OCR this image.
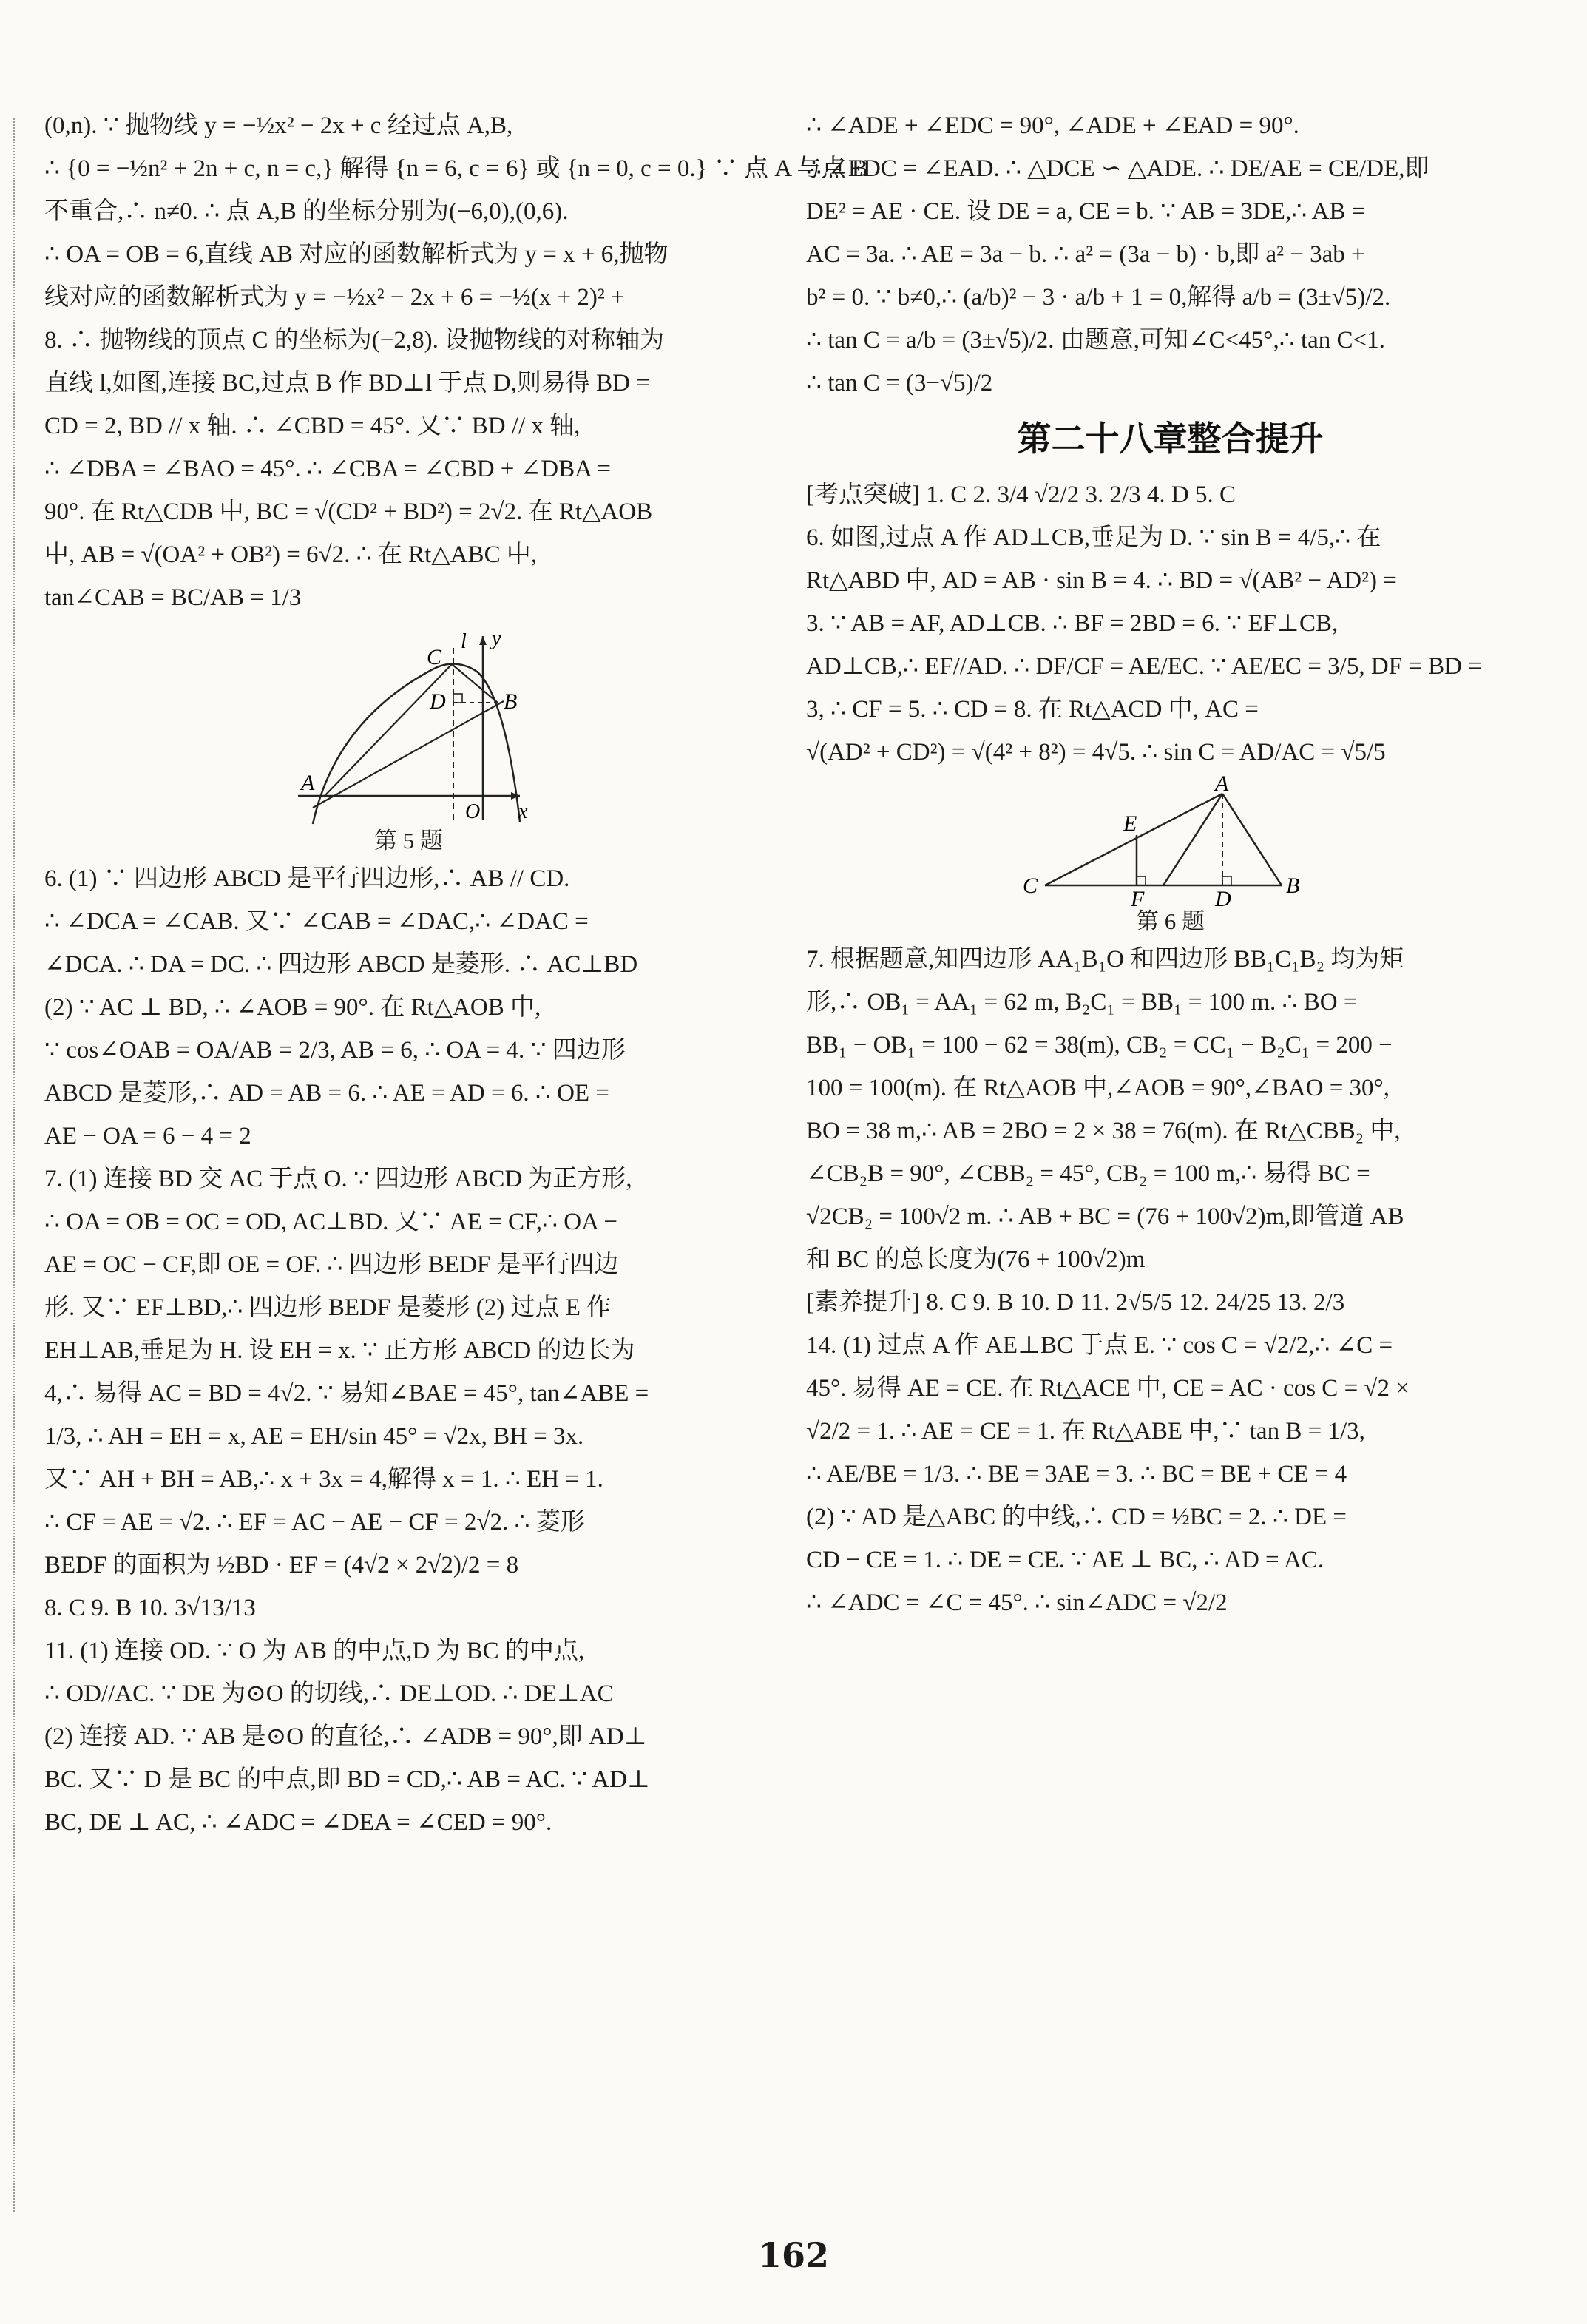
(0,n). ∵ 抛物线 y = −½x² − 2x + c 经过点 A,B,

∴ {0 = −½n² + 2n + c, n = c,} 解得 {n = 6, c = 6} 或 {n = 0, c = 0.} ∵ 点 A 与点 B

不重合,∴ n≠0. ∴ 点 A,B 的坐标分别为(−6,0),(0,6).

∴ OA = OB = 6,直线 AB 对应的函数解析式为 y = x + 6,抛物

线对应的函数解析式为 y = −½x² − 2x + 6 = −½(x + 2)² +

8. ∴ 抛物线的顶点 C 的坐标为(−2,8). 设抛物线的对称轴为

直线 l,如图,连接 BC,过点 B 作 BD⊥l 于点 D,则易得 BD =

CD = 2, BD // x 轴. ∴ ∠CBD = 45°. 又∵ BD // x 轴,

∴ ∠DBA = ∠BAO = 45°. ∴ ∠CBA = ∠CBD + ∠DBA =

90°. 在 Rt△CDB 中, BC = √(CD² + BD²) = 2√2. 在 Rt△AOB

中, AB = √(OA² + OB²) = 6√2. ∴ 在 Rt△ABC 中,

tan∠CAB = BC/AB = 1/3

C
l y
D	B
A
O x
第 5 题

6. (1) ∵ 四边形 ABCD 是平行四边形,∴ AB // CD.

∴ ∠DCA = ∠CAB. 又∵ ∠CAB = ∠DAC,∴ ∠DAC =

∠DCA. ∴ DA = DC. ∴ 四边形 ABCD 是菱形. ∴ AC⊥BD

(2) ∵ AC ⊥ BD, ∴ ∠AOB = 90°. 在 Rt△AOB 中,

∵ cos∠OAB = OA/AB = 2/3, AB = 6, ∴ OA = 4. ∵ 四边形

ABCD 是菱形,∴ AD = AB = 6. ∴ AE = AD = 6. ∴ OE =

AE − OA = 6 − 4 = 2

7. (1) 连接 BD 交 AC 于点 O. ∵ 四边形 ABCD 为正方形,

∴ OA = OB = OC = OD, AC⊥BD. 又∵ AE = CF,∴ OA −

AE = OC − CF,即 OE = OF. ∴ 四边形 BEDF 是平行四边

形. 又∵ EF⊥BD,∴ 四边形 BEDF 是菱形 (2) 过点 E 作

EH⊥AB,垂足为 H. 设 EH = x. ∵ 正方形 ABCD 的边长为

4,∴ 易得 AC = BD = 4√2. ∵ 易知∠BAE = 45°, tan∠ABE =

1/3, ∴ AH = EH = x, AE = EH/sin 45° = √2x, BH = 3x.

又∵ AH + BH = AB,∴ x + 3x = 4,解得 x = 1. ∴ EH = 1.

∴ CF = AE = √2. ∴ EF = AC − AE − CF = 2√2. ∴ 菱形

BEDF 的面积为 ½BD · EF = (4√2 × 2√2)/2 = 8

8. C 9. B 10. 3√13/13

11. (1) 连接 OD. ∵ O 为 AB 的中点,D 为 BC 的中点,

∴ OD//AC. ∵ DE 为⊙O 的切线,∴ DE⊥OD. ∴ DE⊥AC

(2) 连接 AD. ∵ AB 是⊙O 的直径,∴ ∠ADB = 90°,即 AD⊥

BC. 又∵ D 是 BC 的中点,即 BD = CD,∴ AB = AC. ∵ AD⊥

BC, DE ⊥ AC, ∴ ∠ADC = ∠DEA = ∠CED = 90°.

∴ ∠ADE + ∠EDC = 90°, ∠ADE + ∠EAD = 90°.

∴ ∠EDC = ∠EAD. ∴ △DCE ∽ △ADE. ∴ DE/AE = CE/DE,即

DE² = AE · CE. 设 DE = a, CE = b. ∵ AB = 3DE,∴ AB =

AC = 3a. ∴ AE = 3a − b. ∴ a² = (3a − b) · b,即 a² − 3ab +

b² = 0. ∵ b≠0,∴ (a/b)² − 3 · a/b + 1 = 0,解得 a/b = (3±√5)/2.

∴ tan C = a/b = (3±√5)/2. 由题意,可知∠C<45°,∴ tan C<1.

∴ tan C = (3−√5)/2

第二十八章整合提升

[考点突破] 1. C 2. 3/4 √2/2 3. 2/3 4. D 5. C

6. 如图,过点 A 作 AD⊥CB,垂足为 D. ∵ sin B = 4/5,∴ 在

Rt△ABD 中, AD = AB · sin B = 4. ∴ BD = √(AB² − AD²) =

3. ∵ AB = AF, AD⊥CB. ∴ BF = 2BD = 6. ∵ EF⊥CB,

AD⊥CB,∴ EF//AD. ∴ DF/CF = AE/EC. ∵ AE/EC = 3/5, DF = BD =

3, ∴ CF = 5. ∴ CD = 8. 在 Rt△ACD 中, AC =

√(AD² + CD²) = √(4² + 8²) = 4√5. ∴ sin C = AD/AC = √5/5

A
E
C
F	D
B
第 6 题

7. 根据题意,知四边形 AA₁B₁O 和四边形 BB₁C₁B₂ 均为矩

形,∴ OB₁ = AA₁ = 62 m, B₂C₁ = BB₁ = 100 m. ∴ BO =

BB₁ − OB₁ = 100 − 62 = 38(m), CB₂ = CC₁ − B₂C₁ = 200 −

100 = 100(m). 在 Rt△AOB 中,∠AOB = 90°,∠BAO = 30°,

BO = 38 m,∴ AB = 2BO = 2 × 38 = 76(m). 在 Rt△CBB₂ 中,

∠CB₂B = 90°, ∠CBB₂ = 45°, CB₂ = 100 m,∴ 易得 BC =

√2CB₂ = 100√2 m. ∴ AB + BC = (76 + 100√2)m,即管道 AB

和 BC 的总长度为(76 + 100√2)m

[素养提升] 8. C 9. B 10. D 11. 2√5/5 12. 24/25 13. 2/3

14. (1) 过点 A 作 AE⊥BC 于点 E. ∵ cos C = √2/2,∴ ∠C =

45°. 易得 AE = CE. 在 Rt△ACE 中, CE = AC · cos C = √2 ×

√2/2 = 1. ∴ AE = CE = 1. 在 Rt△ABE 中,∵ tan B = 1/3,

∴ AE/BE = 1/3. ∴ BE = 3AE = 3. ∴ BC = BE + CE = 4

(2) ∵ AD 是△ABC 的中线,∴ CD = ½BC = 2. ∴ DE =

CD − CE = 1. ∴ DE = CE. ∵ AE ⊥ BC, ∴ AD = AC.

∴ ∠ADC = ∠C = 45°. ∴ sin∠ADC = √2/2

162
